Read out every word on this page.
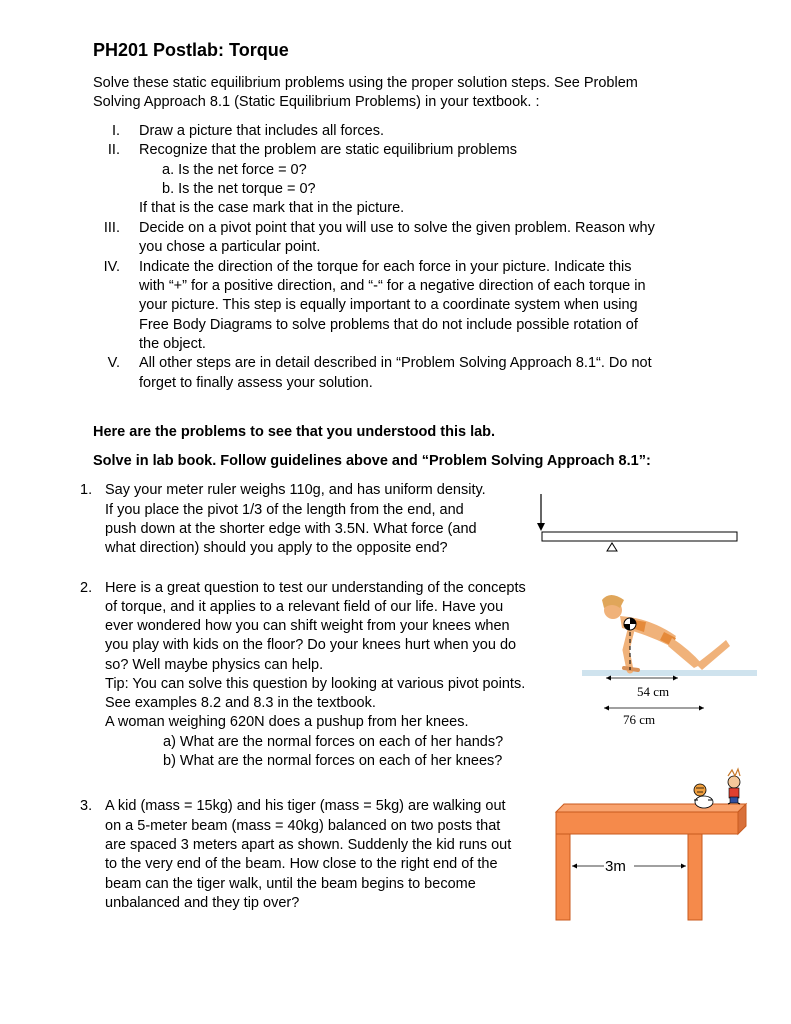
PH201 Postlab: Torque
Solve these static equilibrium problems using the proper solution steps. See Problem
Solving Approach 8.1 (Static Equilibrium Problems) in your textbook. :
I. Draw a picture that includes all forces.
II. Recognize that the problem are static equilibrium problems
a. Is the net force = 0?
b. Is the net torque = 0?
If that is the case mark that in the picture.
III. Decide on a pivot point that you will use to solve the given problem. Reason why
you chose a particular point.
IV. Indicate the direction of the torque for each force in your picture. Indicate this
with “+” for a positive direction, and “-“ for a negative direction of each torque in
your picture. This step is equally important to a coordinate system when using
Free Body Diagrams to solve problems that do not include possible rotation of
the object.
V. All other steps are in detail described in “Problem Solving Approach 8.1“. Do not
forget to finally assess your solution.
Here are the problems to see that you understood this lab.
Solve in lab book. Follow guidelines above and “Problem Solving Approach 8.1”:
1. Say your meter ruler weighs 110g, and has uniform density.
If you place the pivot 1/3 of the length from the end, and
push down at the shorter edge with 3.5N. What force (and
what direction) should you apply to the opposite end?
2. Here is a great question to test our understanding of the concepts
of torque, and it applies to a relevant field of our life. Have you
ever wondered how you can shift weight from your knees when
you play with kids on the floor? Do your knees hurt when you do
so? Well maybe physics can help.
Tip: You can solve this question by looking at various pivot points.
See examples 8.2 and 8.3 in the textbook.
A woman weighing 620N does a pushup from her knees.
a) What are the normal forces on each of her hands?
b) What are the normal forces on each of her knees?
54 cm
76 cm
3. A kid (mass = 15kg) and his tiger (mass = 5kg) are walking out
on a 5-meter beam (mass = 40kg) balanced on two posts that
are spaced 3 meters apart as shown. Suddenly the kid runs out
to the very end of the beam. How close to the right end of the
beam can the tiger walk, until the beam begins to become
unbalanced and they tip over?
3m
